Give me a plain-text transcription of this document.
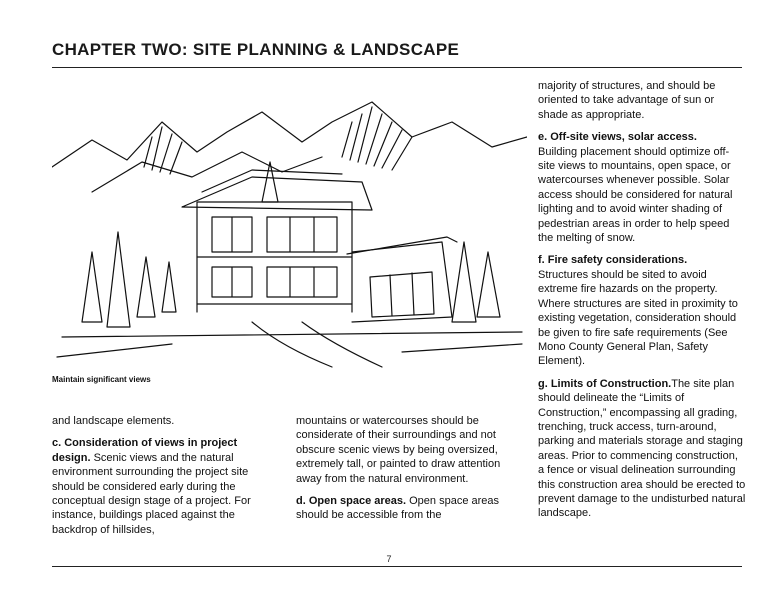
CHAPTER TWO: SITE PLANNING & LANDSCAPE

Maintain significant views

and landscape elements.

c. Consideration of views in project design. Scenic views and the natural environment surrounding the project site should be considered early during the conceptual design stage of a project. For instance, buildings placed against the backdrop of hillsides,

mountains or watercourses should be considerate of their surroundings and not obscure scenic views by being oversized, extremely tall, or painted to draw attention away from the natural environment.

d. Open space areas. Open space areas should be accessible from the

majority of structures, and should be oriented to take advantage of sun or shade as appropriate.

e. Off-site views, solar access.
Building placement should optimize off-site views to mountains, open space, or watercourses whenever possible. Solar access should be considered for natural lighting and to avoid winter shading of pedestrian areas in order to help speed the melting of snow.

f. Fire safety considerations.
Structures should be sited to avoid extreme fire hazards on the property. Where structures are sited in proximity to existing vegetation, consideration should be given to fire safe requirements (See Mono County General Plan, Safety Element).

g. Limits of Construction.The site plan should delineate the “Limits of Construction,” encompassing all grading, trenching, truck access, turn-around, parking and materials storage and staging areas. Prior to commencing construction, a fence or visual delineation surrounding this construction area should be erected to prevent damage to the undisturbed natural landscape.

7
